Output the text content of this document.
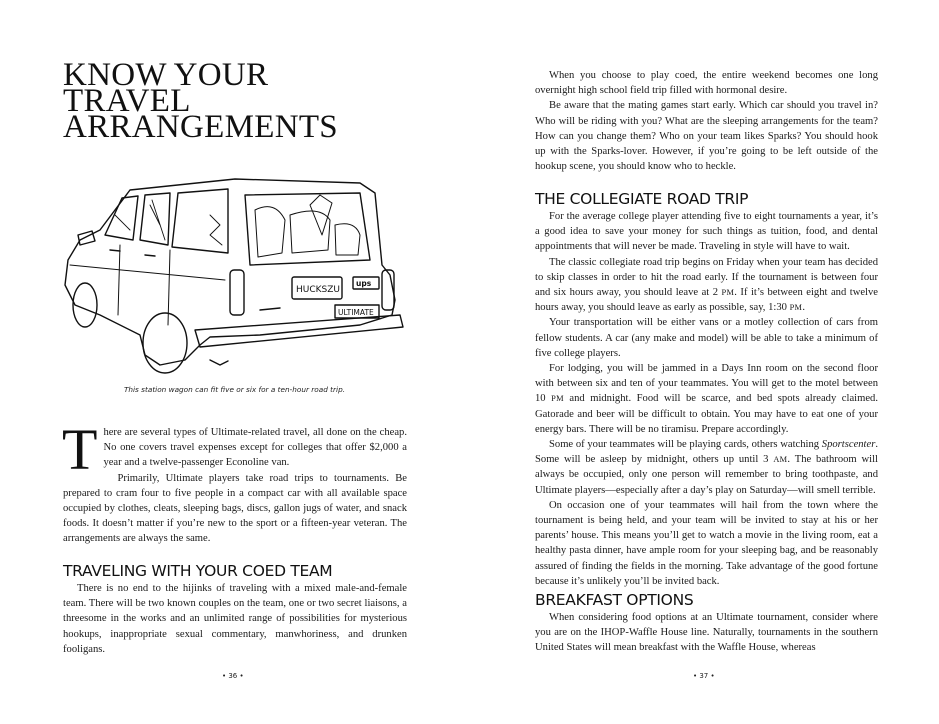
KNOW YOUR
TRAVEL
ARRANGEMENTS
HUCKSZU
ups
ULTIMATE
This station wagon can fit five or six for a ten-hour road trip.
T here are several types of Ultimate-related travel, all done on the cheap. No one covers travel expenses except for colleges that offer $2,000 a year and a twelve-passenger Econoline van.

Primarily, Ultimate players take road trips to tournaments. Be prepared to cram four to five people in a compact car with all available space occupied by clothes, cleats, sleeping bags, discs, gallon jugs of water, and snack foods. It doesn’t matter if you’re new to the sport or a fifteen-year veteran. The arrangements are always the same.

TRAVELING WITH YOUR COED TEAM

There is no end to the hijinks of traveling with a mixed male-and-female team. There will be two known couples on the team, one or two secret liaisons, a threesome in the works and an unlimited range of possibilities for mysterious hookups, inappropriate sexual commentary, manwhoriness, and drunken fooligans.

• 36 •

When you choose to play coed, the entire weekend becomes one long overnight high school field trip filled with hormonal desire.

Be aware that the mating games start early. Which car should you travel in? Who will be riding with you? What are the sleeping arrangements for the team? How can you change them? Who on your team likes Sparks? You should hook up with the Sparks-lover. However, if you’re going to be left outside of the hookup scene, you should know who to heckle.

THE COLLEGIATE ROAD TRIP

For the average college player attending five to eight tournaments a year, it’s a good idea to save your money for such things as tuition, food, and dental appointments that will never be made. Traveling in style will have to wait.

The classic collegiate road trip begins on Friday when your team has decided to skip classes in order to hit the road early. If the tournament is between four and six hours away, you should leave at 2 PM. If it’s between eight and twelve hours away, you should leave as early as possible, say, 1:30 PM.

Your transportation will be either vans or a motley collection of cars from fellow students. A car (any make and model) will be able to take a minimum of five college players.

For lodging, you will be jammed in a Days Inn room on the second floor with between six and ten of your teammates. You will get to the motel between 10 PM and midnight. Food will be scarce, and bed spots already claimed. Gatorade and beer will be difficult to obtain. You may have to eat one of your energy bars. There will be no tiramisu. Prepare accordingly.

Some of your teammates will be playing cards, others watching Sportscenter. Some will be asleep by midnight, others up until 3 AM. The bathroom will always be occupied, only one person will remember to bring toothpaste, and Ultimate players—especially after a day’s play on Saturday—will smell terrible.

On occasion one of your teammates will hail from the town where the tournament is being held, and your team will be invited to stay at his or her parents’ house. This means you’ll get to watch a movie in the living room, eat a healthy pasta dinner, have ample room for your sleeping bag, and be reasonably assured of finding the fields in the morning. Take advantage of the good fortune because it’s unlikely you’ll be invited back.

BREAKFAST OPTIONS

When considering food options at an Ultimate tournament, consider where you are on the IHOP-Waffle House line. Naturally, tournaments in the southern United States will mean breakfast with the Waffle House, whereas

• 37 •
